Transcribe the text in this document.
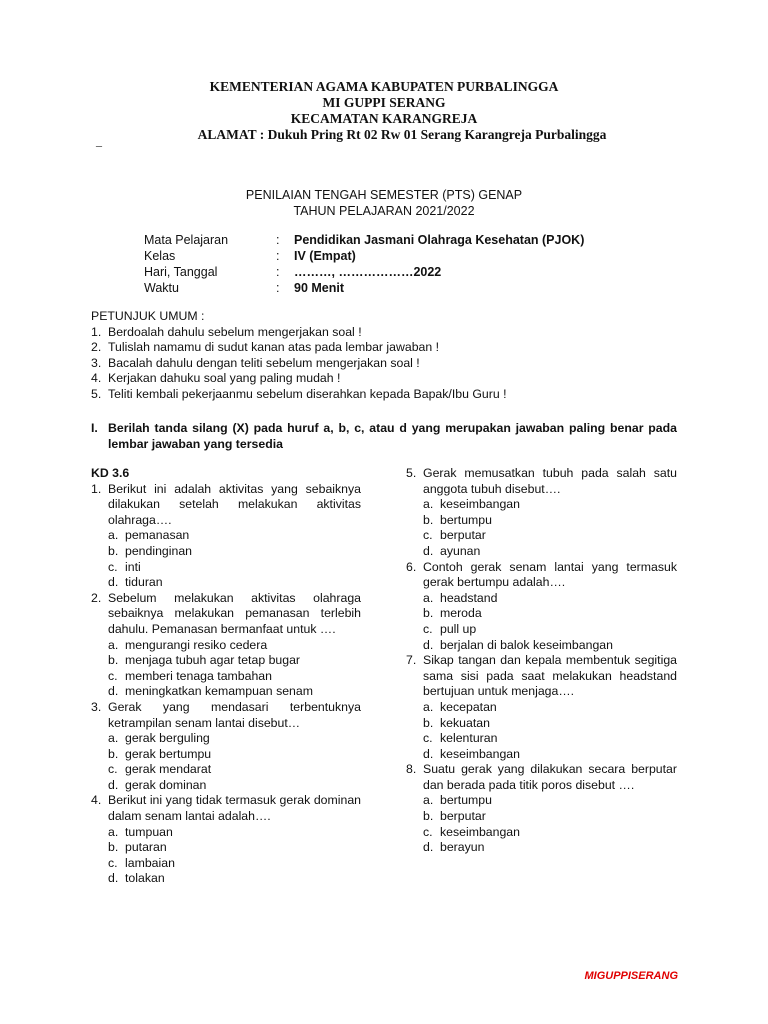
KEMENTERIAN AGAMA KABUPATEN PURBALINGGA
MI GUPPI SERANG
KECAMATAN KARANGREJA
ALAMAT : Dukuh Pring Rt 02 Rw 01 Serang Karangreja Purbalingga
_
PENILAIAN TENGAH SEMESTER (PTS) GENAP
TAHUN PELAJARAN 2021/2022
Mata Pelajaran	:	Pendidikan Jasmani Olahraga Kesehatan (PJOK)
Kelas	:	IV (Empat)
Hari, Tanggal	:	………, ………………2022
Waktu	:	90 Menit
PETUNJUK UMUM :
1. Berdoalah dahulu sebelum mengerjakan soal !
2. Tulislah namamu di sudut kanan atas pada lembar jawaban !
3. Bacalah dahulu dengan teliti sebelum mengerjakan soal !
4. Kerjakan dahuku soal yang paling mudah !
5. Teliti kembali pekerjaanmu sebelum diserahkan kepada Bapak/Ibu Guru !
I. Berilah tanda silang (X) pada huruf a, b, c, atau d yang merupakan jawaban paling benar pada lembar jawaban yang tersedia
KD 3.6
1. Berikut ini adalah aktivitas yang sebaiknya dilakukan setelah melakukan aktivitas olahraga….
a. pemanasan
b. pendinginan
c. inti
d. tiduran
2. Sebelum melakukan aktivitas olahraga sebaiknya melakukan pemanasan terlebih dahulu. Pemanasan bermanfaat untuk ….
a. mengurangi resiko cedera
b. menjaga tubuh agar tetap bugar
c. memberi tenaga tambahan
d. meningkatkan kemampuan senam
3. Gerak yang mendasari terbentuknya ketrampilan senam lantai disebut…
a. gerak berguling
b. gerak bertumpu
c. gerak mendarat
d. gerak dominan
4. Berikut ini yang tidak termasuk gerak dominan dalam senam lantai adalah….
a. tumpuan
b. putaran
c. lambaian
d. tolakan
5. Gerak memusatkan tubuh pada salah satu anggota tubuh disebut….
a. keseimbangan
b. bertumpu
c. berputar
d. ayunan
6. Contoh gerak senam lantai yang termasuk gerak bertumpu adalah….
a. headstand
b. meroda
c. pull up
d. berjalan di balok keseimbangan
7. Sikap tangan dan kepala membentuk segitiga sama sisi pada saat melakukan headstand bertujuan untuk menjaga….
a. kecepatan
b. kekuatan
c. kelenturan
d. keseimbangan
8. Suatu gerak yang dilakukan secara berputar dan berada pada titik poros disebut ….
a. bertumpu
b. berputar
c. keseimbangan
d. berayun
MIGUPPISERANG
